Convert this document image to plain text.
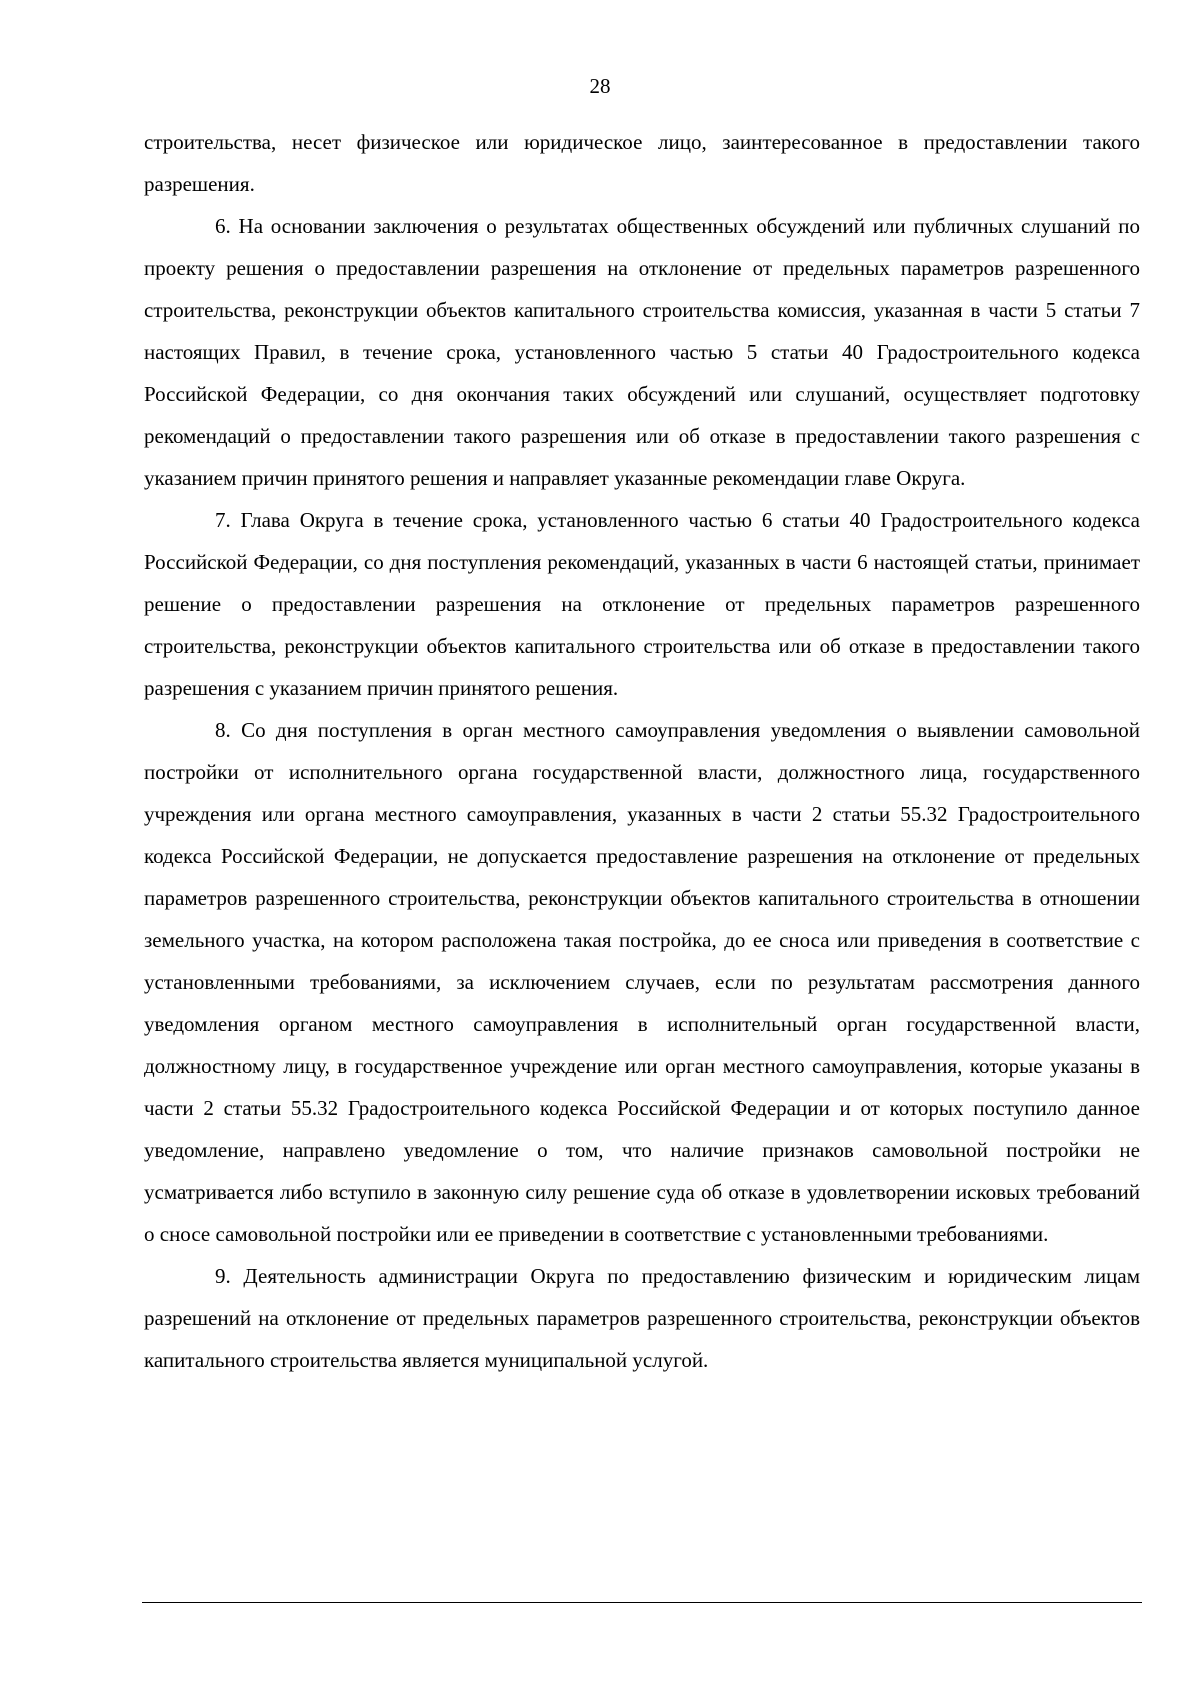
28

строительства, несет физическое или юридическое лицо, заинтересованное в предоставлении такого разрешения.

6. На основании заключения о результатах общественных обсуждений или публичных слушаний по проекту решения о предоставлении разрешения на отклонение от предельных параметров разрешенного строительства, реконструкции объектов капитального строительства комиссия, указанная в части 5 статьи 7 настоящих Правил, в течение срока, установленного частью 5 статьи 40 Градостроительного кодекса Российской Федерации, со дня окончания таких обсуждений или слушаний, осуществляет подготовку рекомендаций о предоставлении такого разрешения или об отказе в предоставлении такого разрешения с указанием причин принятого решения и направляет указанные рекомендации главе Округа.

7. Глава Округа в течение срока, установленного частью 6 статьи 40 Градостроительного кодекса Российской Федерации, со дня поступления рекомендаций, указанных в части 6 настоящей статьи, принимает решение о предоставлении разрешения на отклонение от предельных параметров разрешенного строительства, реконструкции объектов капитального строительства или об отказе в предоставлении такого разрешения с указанием причин принятого решения.

8. Со дня поступления в орган местного самоуправления уведомления о выявлении самовольной постройки от исполнительного органа государственной власти, должностного лица, государственного учреждения или органа местного самоуправления, указанных в части 2 статьи 55.32 Градостроительного кодекса Российской Федерации, не допускается предоставление разрешения на отклонение от предельных параметров разрешенного строительства, реконструкции объектов капитального строительства в отношении земельного участка, на котором расположена такая постройка, до ее сноса или приведения в соответствие с установленными требованиями, за исключением случаев, если по результатам рассмотрения данного уведомления органом местного самоуправления в исполнительный орган государственной власти, должностному лицу, в государственное учреждение или орган местного самоуправления, которые указаны в части 2 статьи 55.32 Градостроительного кодекса Российской Федерации и от которых поступило данное уведомление, направлено уведомление о том, что наличие признаков самовольной постройки не усматривается либо вступило в законную силу решение суда об отказе в удовлетворении исковых требований о сносе самовольной постройки или ее приведении в соответствие с установленными требованиями.

9. Деятельность администрации Округа по предоставлению физическим и юридическим лицам разрешений на отклонение от предельных параметров разрешенного строительства, реконструкции объектов капитального строительства является муниципальной услугой.
